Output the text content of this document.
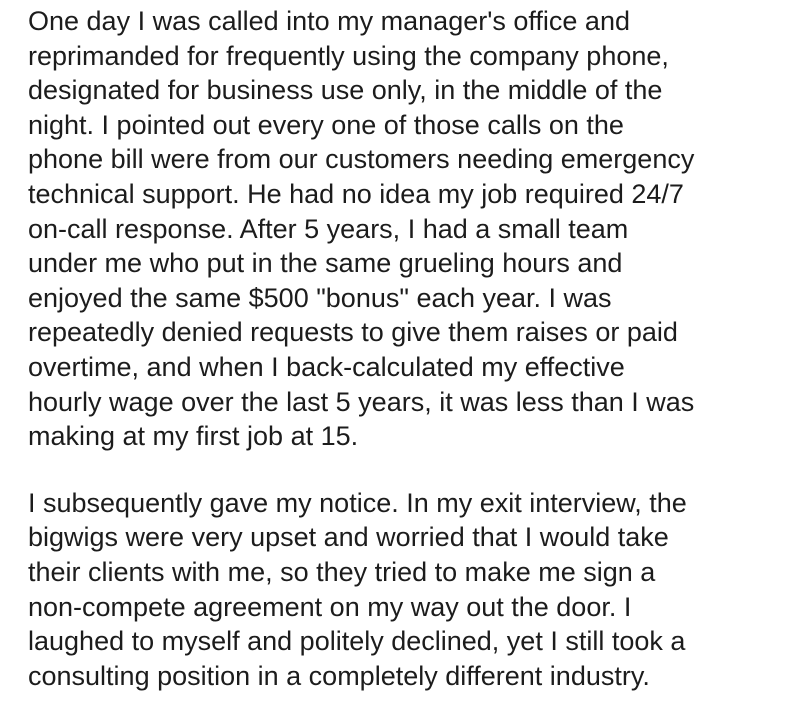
One day I was called into my manager's office and
reprimanded for frequently using the company phone,
designated for business use only, in the middle of the
night. I pointed out every one of those calls on the
phone bill were from our customers needing emergency
technical support. He had no idea my job required 24/7
on-call response. After 5 years, I had a small team
under me who put in the same grueling hours and
enjoyed the same $500 "bonus" each year. I was
repeatedly denied requests to give them raises or paid
overtime, and when I back-calculated my effective
hourly wage over the last 5 years, it was less than I was
making at my first job at 15.
I subsequently gave my notice. In my exit interview, the
bigwigs were very upset and worried that I would take
their clients with me, so they tried to make me sign a
non-compete agreement on my way out the door. I
laughed to myself and politely declined, yet I still took a
consulting position in a completely different industry.
